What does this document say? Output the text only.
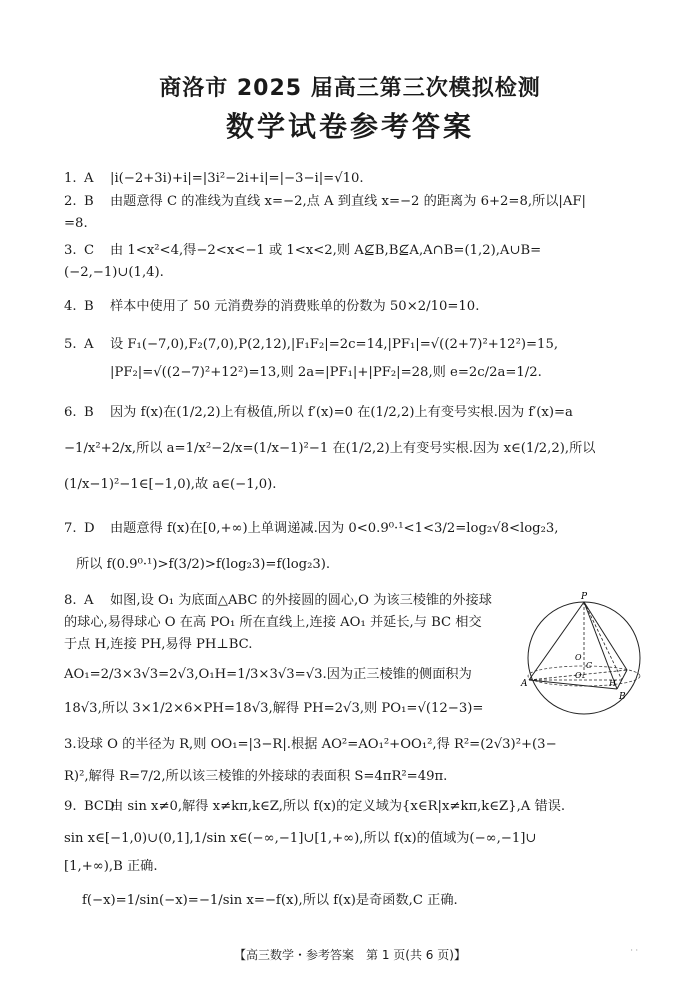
商洛市 2025 届高三第三次模拟检测
数学试卷参考答案
1. A |i(−2+3i)+i|=|3i²−2i+i|=|−3−i|=√10.
2. B 由题意得 C 的准线为直线 x=−2,点 A 到直线 x=−2 的距离为 6+2=8,所以|AF|
=8.
3. C 由 1<x²<4,得−2<x<−1 或 1<x<2,则 A⊈B,B⊈A,A∩B=(1,2),A∪B=
(−2,−1)∪(1,4).
4. B 样本中使用了 50 元消费券的消费账单的份数为 50×2/10=10.
5. A 设 F₁(−7,0),F₂(7,0),P(2,12),|F₁F₂|=2c=14,|PF₁|=√((2+7)²+12²)=15,
|PF₂|=√((2−7)²+12²)=13,则 2a=|PF₁|+|PF₂|=28,则 e=2c/2a=1/2.
6. B 因为 f(x)在(1/2,2)上有极值,所以 f′(x)=0 在(1/2,2)上有变号实根.因为 f′(x)=a
−1/x²+2/x,所以 a=1/x²−2/x=(1/x−1)²−1 在(1/2,2)上有变号实根.因为 x∈(1/2,2),所以
(1/x−1)²−1∈[−1,0),故 a∈(−1,0).
7. D 由题意得 f(x)在[0,+∞)上单调递减.因为 0<0.9⁰·¹<1<3/2=log₂√8<log₂3,
所以 f(0.9⁰·¹)>f(3/2)>f(log₂3)=f(log₂3).
8. A 如图,设 O₁ 为底面△ABC 的外接圆的圆心,O 为该三棱锥的外接球
的球心,易得球心 O 在高 PO₁ 所在直线上,连接 AO₁ 并延长,与 BC 相交
于点 H,连接 PH,易得 PH⊥BC.
AO₁=2/3×3√3=2√3,O₁H=1/3×3√3=√3.因为正三棱锥的侧面积为
18√3,所以 3×1/2×6×PH=18√3,解得 PH=2√3,则 PO₁=√(12−3)=
3.设球 O 的半径为 R,则 OO₁=|3−R|.根据 AO²=AO₁²+OO₁²,得 R²=(2√3)²+(3−
R)²,解得 R=7/2,所以该三棱锥的外接球的表面积 S=4πR²=49π.
P
O
C
O₁
A	H
B
9. BCD
由 sin x≠0,解得 x≠kπ,k∈Z,所以 f(x)的定义域为{x∈R|x≠kπ,k∈Z},A 错误.
sin x∈[−1,0)∪(0,1],1/sin x∈(−∞,−1]∪[1,+∞),所以 f(x)的值域为(−∞,−1]∪
[1,+∞),B 正确.
f(−x)=1/sin(−x)=−1/sin x=−f(x),所以 f(x)是奇函数,C 正确.
【高三数学・参考答案　第 1 页(共 6 页)】	· ·
